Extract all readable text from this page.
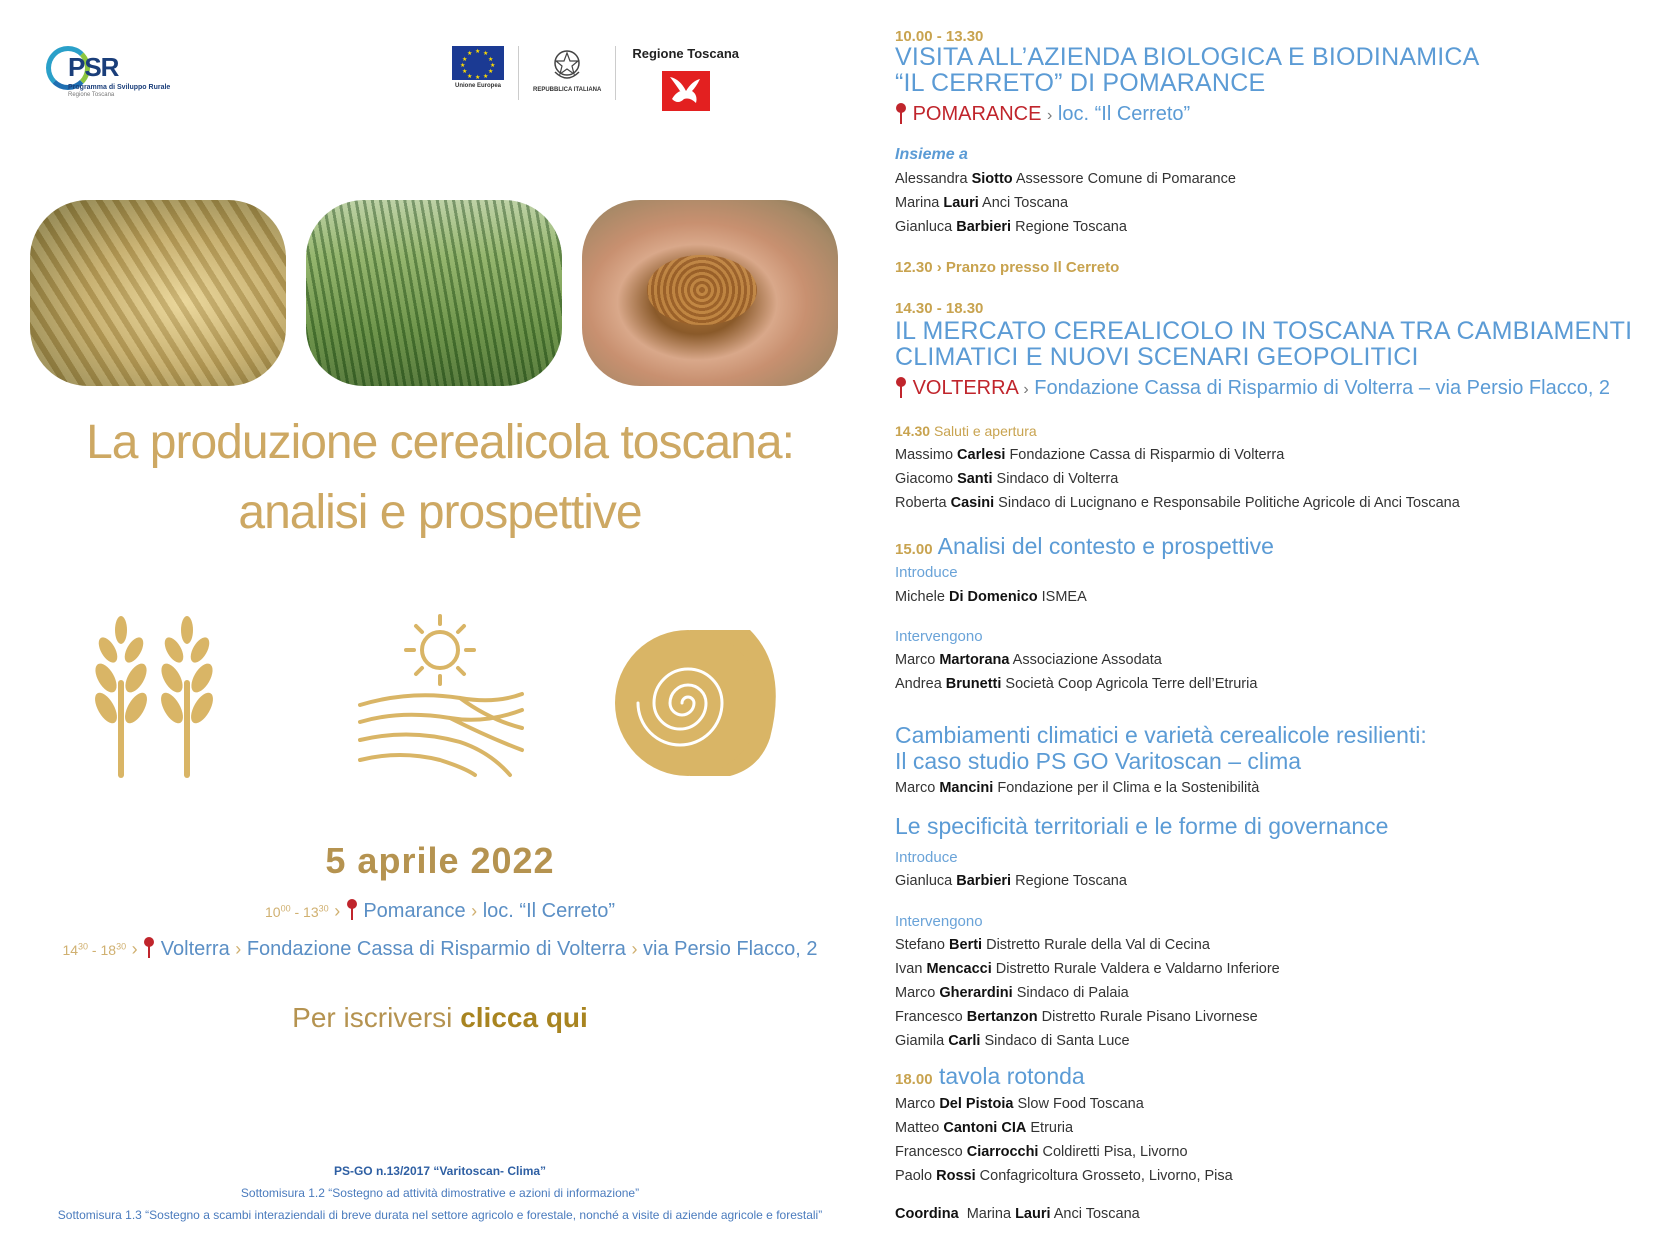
PSR
Programma di Sviluppo Rurale
Regione Toscana
★ ★
★
★
★
★
★
★
★
★
★
★
Unione Europea
REPUBBLICA ITALIANA
Regione Toscana
La produzione cerealicola toscana:
analisi e prospettive
5 aprile 2022
$10^{00} - 13^{30}$ › Pomarance › loc. “Il Cerreto”
$14^{30} - 18^{30}$ › Volterra › Fondazione Cassa di Risparmio di Volterra › via Persio Flacco, 2
Per iscriversi clicca qui
PS-GO n.13/2017 “Varitoscan- Clima”
Sottomisura 1.2 “Sostegno ad attività dimostrative e azioni di informazione”
Sottomisura 1.3 “Sostegno a scambi interaziendali di breve durata nel settore agricolo e forestale, nonché a visite di aziende agricole e forestali”
10.00 - 13.30
VISITA ALL’AZIENDA BIOLOGICA E BIODINAMICA
“IL CERRETO” DI POMARANCE
POMARANCE › loc. “Il Cerreto”
Insieme a
Alessandra Siotto Assessore Comune di Pomarance
Marina Lauri Anci Toscana
Gianluca Barbieri Regione Toscana
12.30 › Pranzo presso Il Cerreto
14.30 - 18.30
IL MERCATO CEREALICOLO IN TOSCANA TRA CAMBIAMENTI
CLIMATICI E NUOVI SCENARI GEOPOLITICI
VOLTERRA › Fondazione Cassa di Risparmio di Volterra – via Persio Flacco, 2
14.30 Saluti e apertura
Massimo Carlesi Fondazione Cassa di Risparmio di Volterra
Giacomo Santi Sindaco di Volterra
Roberta Casini Sindaco di Lucignano e Responsabile Politiche Agricole di Anci Toscana
15.00 Analisi del contesto e prospettive
Introduce
Michele Di Domenico ISMEA
Intervengono
Marco Martorana Associazione Assodata
Andrea Brunetti Società Coop Agricola Terre dell’Etruria
Cambiamenti climatici e varietà cerealicole resilienti:
Il caso studio PS GO Varitoscan – clima
Marco Mancini Fondazione per il Clima e la Sostenibilità
Le specificità territoriali e le forme di governance
Introduce
Gianluca Barbieri Regione Toscana
Intervengono
Stefano Berti Distretto Rurale della Val di Cecina
Ivan Mencacci Distretto Rurale Valdera e Valdarno Inferiore
Marco Gherardini Sindaco di Palaia
Francesco Bertanzon Distretto Rurale Pisano Livornese
Giamila Carli Sindaco di Santa Luce
18.00 tavola rotonda
Marco Del Pistoia Slow Food Toscana
Matteo Cantoni CIA Etruria
Francesco Ciarrocchi Coldiretti Pisa, Livorno
Paolo Rossi Confagricoltura Grosseto, Livorno, Pisa
Coordina Marina Lauri Anci Toscana
